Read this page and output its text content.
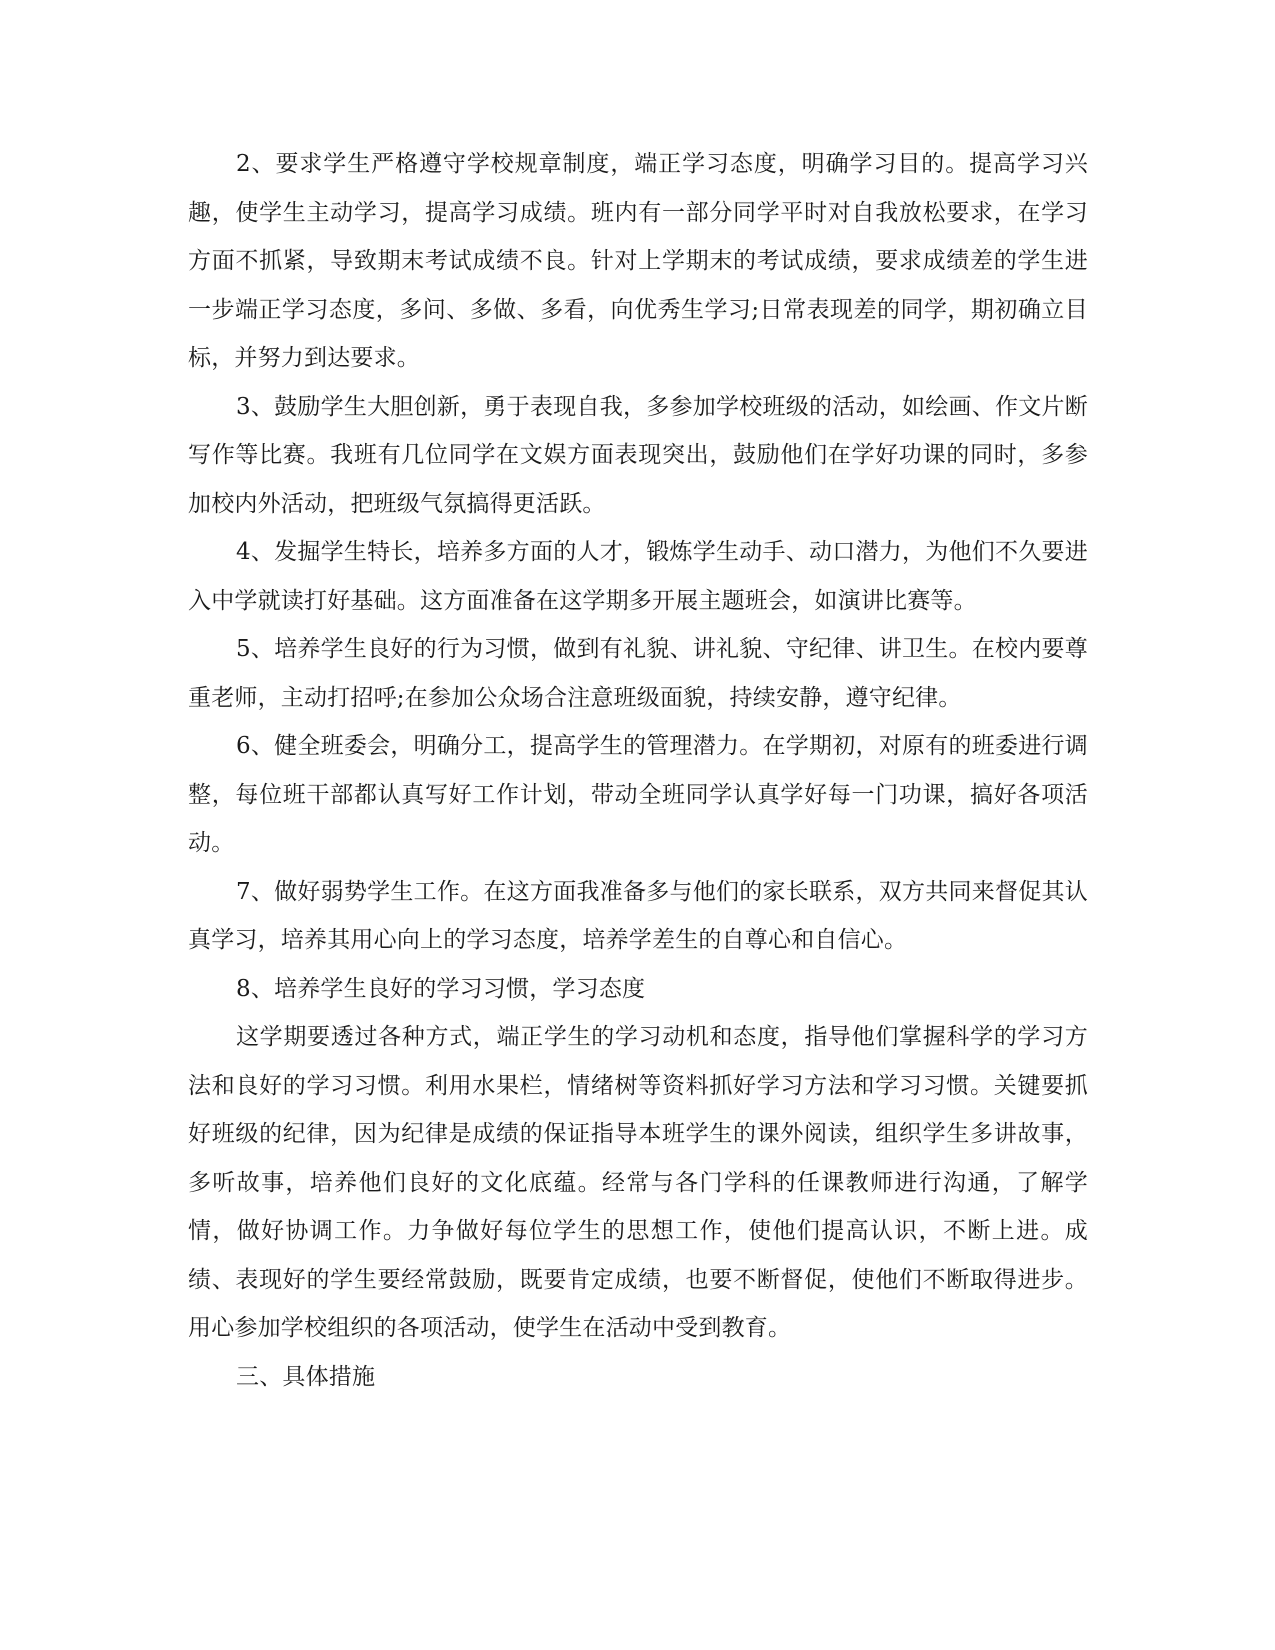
2、要求学生严格遵守学校规章制度，端正学习态度，明确学习目的。提高学习兴趣，使学生主动学习，提高学习成绩。班内有一部分同学平时对自我放松要求，在学习方面不抓紧，导致期末考试成绩不良。针对上学期末的考试成绩，要求成绩差的学生进一步端正学习态度，多问、多做、多看，向优秀生学习;日常表现差的同学，期初确立目标，并努力到达要求。

3、鼓励学生大胆创新，勇于表现自我，多参加学校班级的活动，如绘画、作文片断写作等比赛。我班有几位同学在文娱方面表现突出，鼓励他们在学好功课的同时，多参加校内外活动，把班级气氛搞得更活跃。

4、发掘学生特长，培养多方面的人才，锻炼学生动手、动口潜力，为他们不久要进入中学就读打好基础。这方面准备在这学期多开展主题班会，如演讲比赛等。

5、培养学生良好的行为习惯，做到有礼貌、讲礼貌、守纪律、讲卫生。在校内要尊重老师，主动打招呼;在参加公众场合注意班级面貌，持续安静，遵守纪律。

6、健全班委会，明确分工，提高学生的管理潜力。在学期初，对原有的班委进行调整，每位班干部都认真写好工作计划，带动全班同学认真学好每一门功课，搞好各项活动。

7、做好弱势学生工作。在这方面我准备多与他们的家长联系，双方共同来督促其认真学习，培养其用心向上的学习态度，培养学差生的自尊心和自信心。

8、培养学生良好的学习习惯，学习态度

这学期要透过各种方式，端正学生的学习动机和态度，指导他们掌握科学的学习方法和良好的学习习惯。利用水果栏，情绪树等资料抓好学习方法和学习习惯。关键要抓好班级的纪律，因为纪律是成绩的保证指导本班学生的课外阅读，组织学生多讲故事，多听故事，培养他们良好的文化底蕴。经常与各门学科的任课教师进行沟通，了解学情，做好协调工作。力争做好每位学生的思想工作，使他们提高认识，不断上进。成绩、表现好的学生要经常鼓励，既要肯定成绩，也要不断督促，使他们不断取得进步。用心参加学校组织的各项活动，使学生在活动中受到教育。

三、具体措施
